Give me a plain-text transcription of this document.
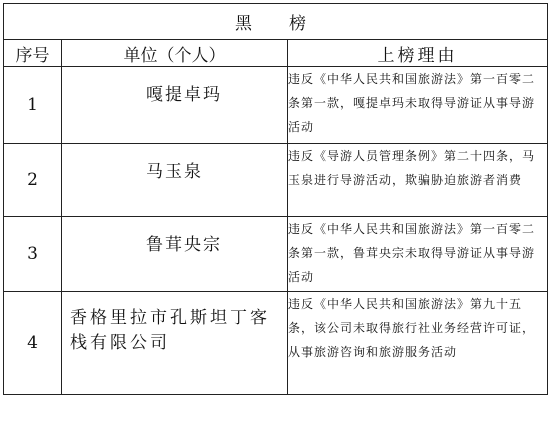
黑　榜		
序号	单位（个人）	上榜理由
1	嘎提卓玛	违反《中华人民共和国旅游法》第一百零二条第一款，嘎提卓玛未取得导游证从事导游活动
2	马玉泉	违反《导游人员管理条例》第二十四条，马玉泉进行导游活动，欺骗胁迫旅游者消费
3	鲁茸央宗	违反《中华人民共和国旅游法》第一百零二条第一款，鲁茸央宗未取得导游证从事导游活动
4	香格里拉市孔斯坦丁客栈有限公司	违反《中华人民共和国旅游法》第九十五条，该公司未取得旅行社业务经营许可证，从事旅游咨询和旅游服务活动
